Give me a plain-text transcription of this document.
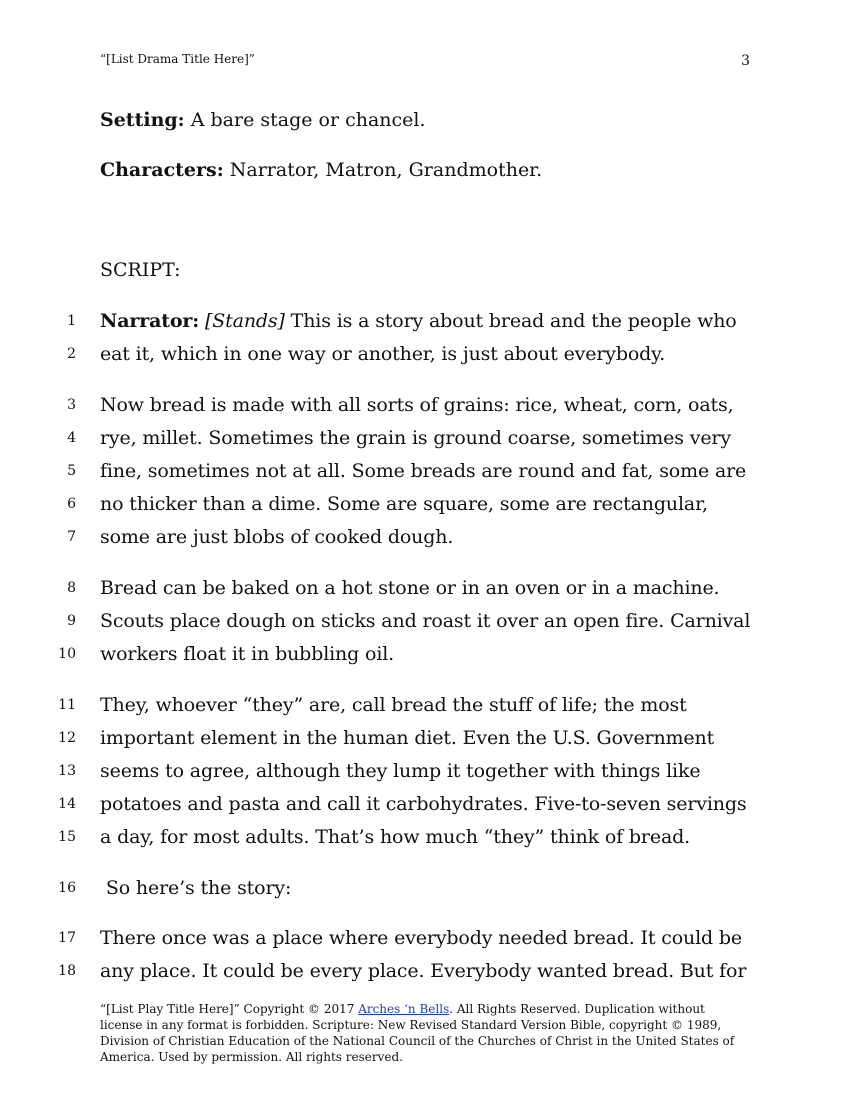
“[List Drama Title Here]”	3
Setting: A bare stage or chancel.
Characters: Narrator, Matron, Grandmother.
SCRIPT:
1 Narrator: [Stands] This is a story about bread and the people who
2 eat it, which in one way or another, is just about everybody.
3 Now bread is made with all sorts of grains: rice, wheat, corn, oats,
4 rye, millet. Sometimes the grain is ground coarse, sometimes very
5 fine, sometimes not at all. Some breads are round and fat, some are
6 no thicker than a dime. Some are square, some are rectangular,
7 some are just blobs of cooked dough.
8 Bread can be baked on a hot stone or in an oven or in a machine.
9 Scouts place dough on sticks and roast it over an open fire. Carnival
10 workers float it in bubbling oil.
11 They, whoever “they” are, call bread the stuff of life; the most
12 important element in the human diet. Even the U.S. Government
13 seems to agree, although they lump it together with things like
14 potatoes and pasta and call it carbohydrates. Five-to-seven servings
15 a day, for most adults. That’s how much “they” think of bread.
16 So here’s the story:
17 There once was a place where everybody needed bread. It could be
18 any place. It could be every place. Everybody wanted bread. But for
“[List Play Title Here]” Copyright © 2017 Arches ‘n Bells. All Rights Reserved. Duplication without license in any format is forbidden. Scripture: New Revised Standard Version Bible, copyright © 1989, Division of Christian Education of the National Council of the Churches of Christ in the United States of America. Used by permission. All rights reserved.
